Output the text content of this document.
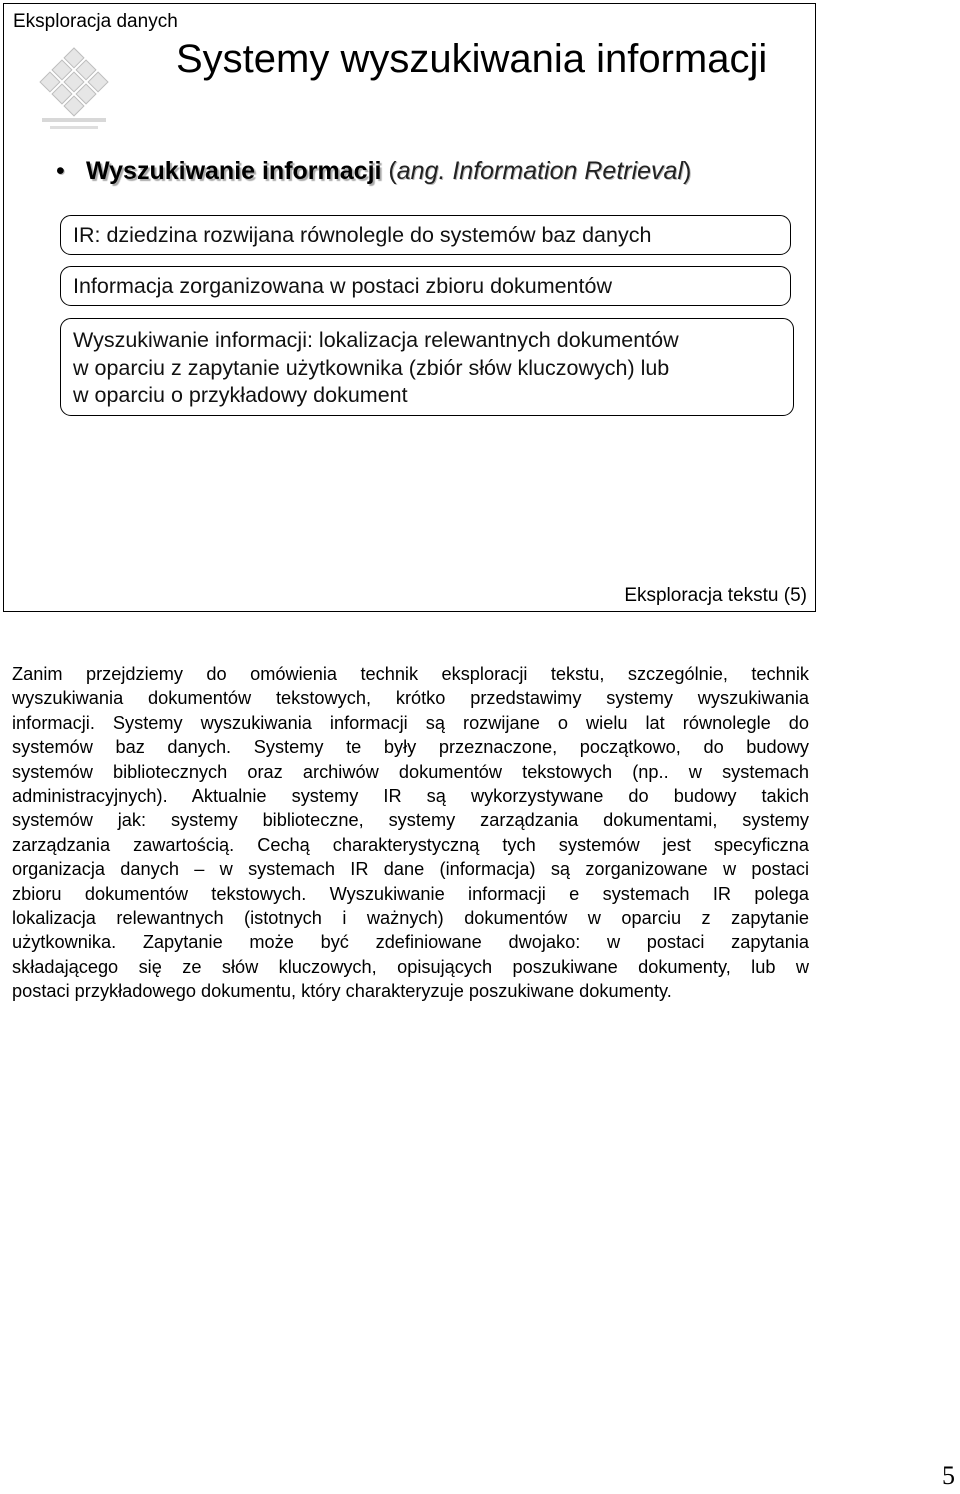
Eksploracja danych
Systemy wyszukiwania informacji
• Wyszukiwanie informacji (ang. Information Retrieval)
IR: dziedzina rozwijana równolegle do systemów baz danych
Informacja zorganizowana w postaci zbioru dokumentów
Wyszukiwanie informacji: lokalizacja relewantnych dokumentów
w oparciu z zapytanie użytkownika (zbiór słów kluczowych) lub
w oparciu o przykładowy dokument
Eksploracja tekstu (5)
Zanim przejdziemy do omówienia technik eksploracji tekstu, szczególnie, technik
wyszukiwania dokumentów tekstowych, krótko przedstawimy systemy wyszukiwania
informacji. Systemy wyszukiwania informacji są rozwijane o wielu lat równolegle do
systemów baz danych. Systemy te były przeznaczone, początkowo, do budowy
systemów bibliotecznych oraz archiwów dokumentów tekstowych (np.. w systemach
administracyjnych). Aktualnie systemy IR są wykorzystywane do budowy takich
systemów jak: systemy biblioteczne, systemy zarządzania dokumentami, systemy
zarządzania zawartością. Cechą charakterystyczną tych systemów jest specyficzna
organizacja danych – w systemach IR dane (informacja) są zorganizowane w postaci
zbioru dokumentów tekstowych. Wyszukiwanie informacji e systemach IR polega
lokalizacja relewantnych (istotnych i ważnych) dokumentów w oparciu z zapytanie
użytkownika. Zapytanie może być zdefiniowane dwojako: w postaci zapytania
składającego się ze słów kluczowych, opisujących poszukiwane dokumenty, lub w
postaci przykładowego dokumentu, który charakteryzuje poszukiwane dokumenty.
5
